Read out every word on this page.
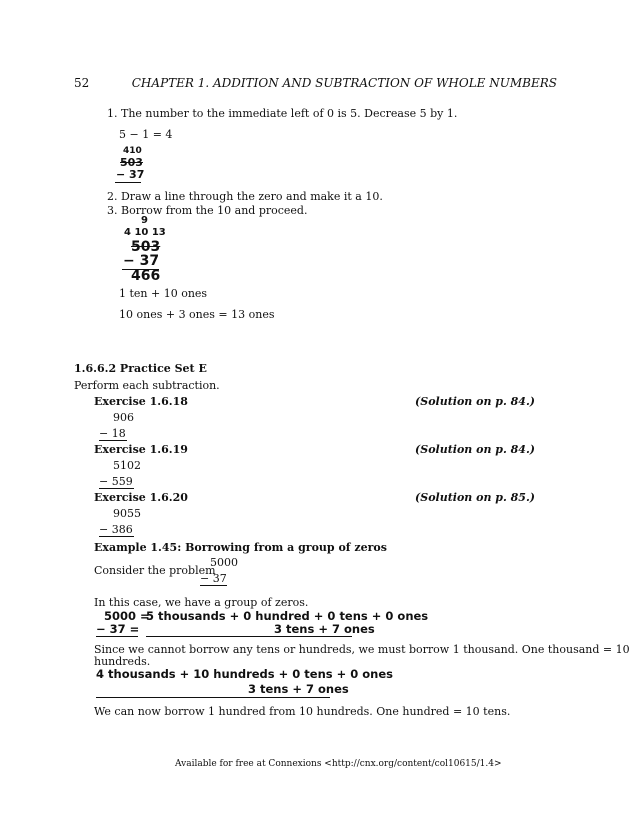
52	CHAPTER 1. ADDITION AND SUBTRACTION OF WHOLE NUMBERS
1. The number to the immediate left of 0 is 5. Decrease 5 by 1.
5 − 1 = 4
410
503
− 37
2. Draw a line through the zero and make it a 10.
3. Borrow from the 10 and proceed.
9
4 10 13
503
− 37
466
1 ten + 10 ones
10 ones + 3 ones = 13 ones
1.6.6.2 Practice Set E
Perform each subtraction.
Exercise 1.6.18	(Solution on p. 84.)
906
− 18
Exercise 1.6.19	(Solution on p. 84.)
5102
− 559
Exercise 1.6.20	(Solution on p. 85.)
9055
− 386
Example 1.45: Borrowing from a group of zeros
Consider the problem
5000
− 37
In this case, we have a group of zeros.
5000 =
5 thousands + 0 hundred + 0 tens + 0 ones
− 37 =	3 tens + 7 ones
Since we cannot borrow any tens or hundreds, we must borrow 1 thousand. One thousand = 10
hundreds.
4 thousands + 10 hundreds + 0 tens + 0 ones
3 tens + 7 ones
We can now borrow 1 hundred from 10 hundreds. One hundred = 10 tens.
Available for free at Connexions <http://cnx.org/content/col10615/1.4>
